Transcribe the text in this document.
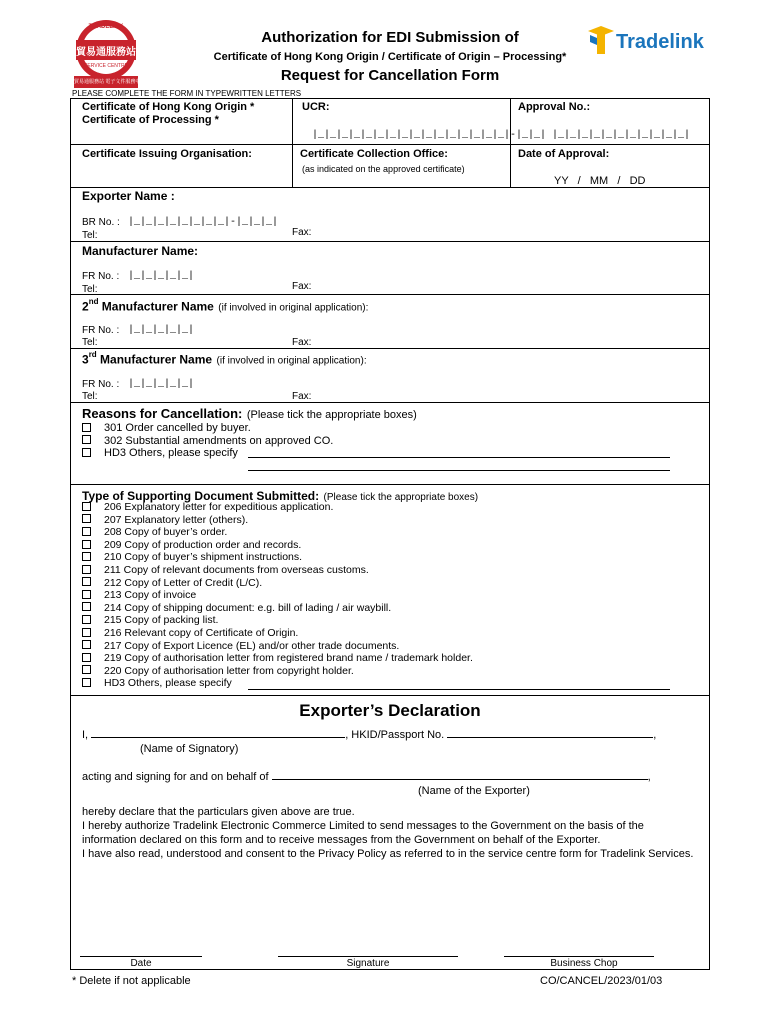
TRADELINK
貿易通服務站
SERVICE CENTRE
貿易通服務站 電子文件服務中心
Authorization for EDI Submission of
Certificate of Hong Kong Origin / Certificate of Origin – Processing*
Request for Cancellation Form
Tradelink
PLEASE COMPLETE THE FORM IN TYPEWRITTEN LETTERS
Certificate of Hong Kong Origin *
Certificate of Processing *
UCR:
|_|_|_|_|_|_|_|_|_|_|_|_|_|_|_|_|-|_|_|
Approval No.:
|_|_|_|_|_|_|_|_|_|_|_|
Certificate Issuing Organisation:	Certificate Collection Office:
(as indicated on the approved certificate)
Date of Approval:
YY   /   MM   /   DD
Exporter Name :
BR No. : |_|_|_|_|_|_|_|_|-|_|_|_|
Tel:	Fax:
Manufacturer Name:
FR No. : |_|_|_|_|_|
Tel:	Fax:
2nd Manufacturer Name (if involved in original application):
FR No. : |_|_|_|_|_|
Tel:	Fax:
3rd Manufacturer Name (if involved in original application):
FR No. : |_|_|_|_|_|
Tel:	Fax:
Reasons for Cancellation: (Please tick the appropriate boxes)
301 Order cancelled by buyer.
302 Substantial amendments on approved CO.
HD3 Others, please specify
Type of Supporting Document Submitted: (Please tick the appropriate boxes)
206 Explanatory letter for expeditious application.
207 Explanatory letter (others).
208 Copy of buyer’s order.
209 Copy of production order and records.
210 Copy of buyer’s shipment instructions.
211 Copy of relevant documents from overseas customs.
212 Copy of Letter of Credit (L/C).
213 Copy of invoice
214 Copy of shipping document: e.g. bill of lading / air waybill.
215 Copy of packing list.
216 Relevant copy of Certificate of Origin.
217 Copy of Export Licence (EL) and/or other trade documents.
219 Copy of authorisation letter from registered brand name / trademark holder.
220 Copy of authorisation letter from copyright holder.
HD3 Others, please specify
Exporter’s Declaration
I,	, HKID/Passport No.	,
(Name of Signatory)
acting and signing for and on behalf of	,
(Name of the Exporter)
hereby declare that the particulars given above are true.
I hereby authorize Tradelink Electronic Commerce Limited to send messages to the Government on the basis of the information declared on this form and to receive messages from the Government on behalf of the Exporter.
I have also read, understood and consent to the Privacy Policy as referred to in the service centre form for Tradelink Services.
Date	Signature	Business Chop
* Delete if not applicable	CO/CANCEL/2023/01/03
